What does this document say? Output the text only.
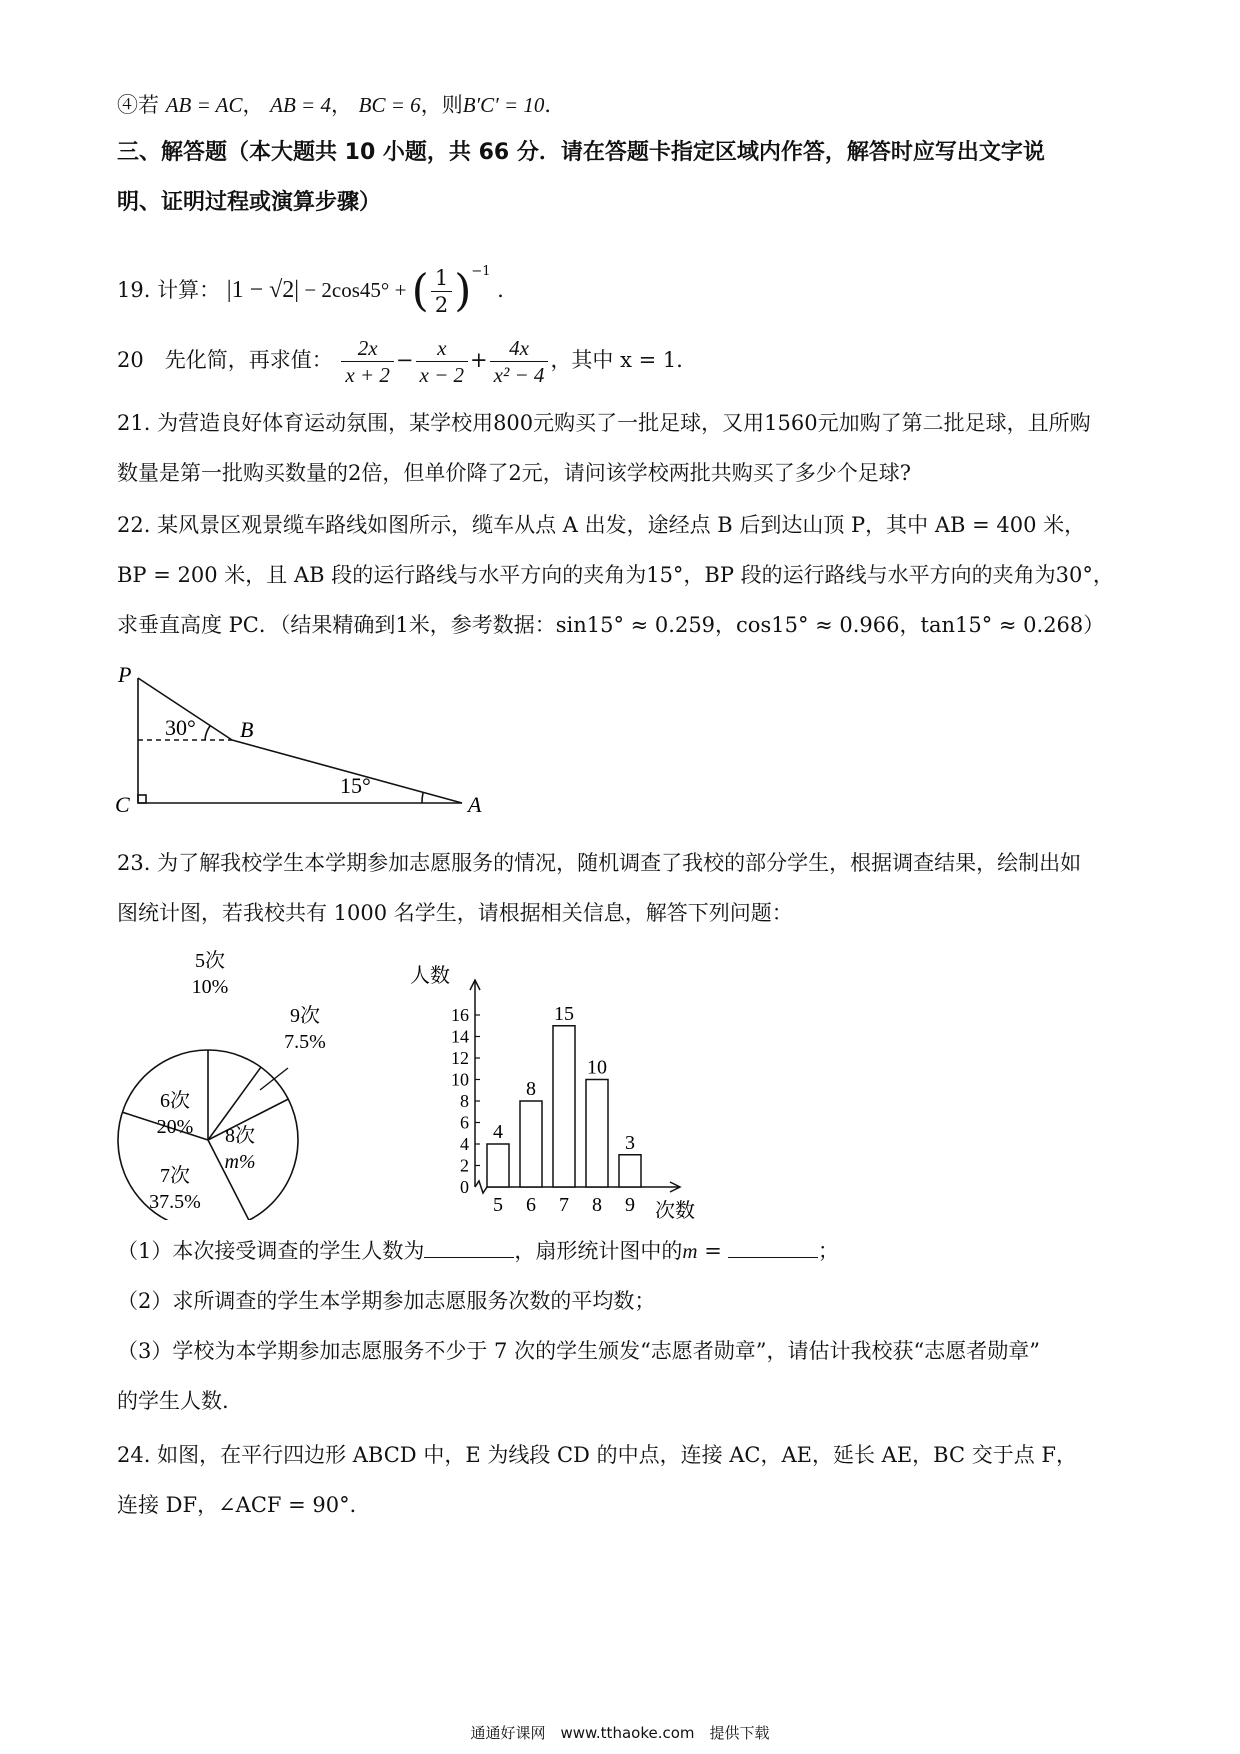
④若 AB = AC， AB = 4， BC = 6，则B′C′ = 10．
三、解答题（本大题共 10 小题，共 66 分．请在答题卡指定区域内作答，解答时应写出文字说
明、证明过程或演算步骤）
19. 计算： |1 − √2| − 2cos45° + ( $\frac{1}{2} )^{-1}$ ．
20　先化简，再求值： $\frac{2x}{x + 2} - \frac{x}{x - 2} + \frac{4x}{\text{x² − 4}}$ ，其中 x = 1．
21. 为营造良好体育运动氛围，某学校用800元购买了一批足球，又用1560元加购了第二批足球，且所购
数量是第一批购买数量的2倍，但单价降了2元，请问该学校两批共购买了多少个足球?
22. 某风景区观景缆车路线如图所示，缆车从点 A 出发，途经点 B 后到达山顶 P，其中 AB = 400 米，
BP = 200 米，且 AB 段的运行路线与水平方向的夹角为15°，BP 段的运行路线与水平方向的夹角为30°，
求垂直高度 PC．（结果精确到1米，参考数据：sin15° ≈ 0.259，cos15° ≈ 0.966，tan15° ≈ 0.268）
P
B
C	A
30°
15°
23. 为了解我校学生本学期参加志愿服务的情况，随机调查了我校的部分学生，根据调查结果，绘制出如
图统计图，若我校共有 1000 名学生，请根据相关信息，解答下列问题：
5次
10%
9次
7.5%
8次
m%
7次
37.5%
6次
20%
人数
次数
0
2
4
6
8
10
12
14
16
4
5
8
6
15
7
10
8
3
9
（1）本次接受调查的学生人数为	，扇形统计图中的m =	；
（2）求所调查的学生本学期参加志愿服务次数的平均数；
（3）学校为本学期参加志愿服务不少于 7 次的学生颁发“志愿者勋章”，请估计我校获“志愿者勋章”
的学生人数.
24. 如图，在平行四边形 ABCD 中，E 为线段 CD 的中点，连接 AC，AE，延长 AE，BC 交于点 F，
连接 DF，∠ACF = 90°．
通通好课网　www.tthaoke.com　提供下载
